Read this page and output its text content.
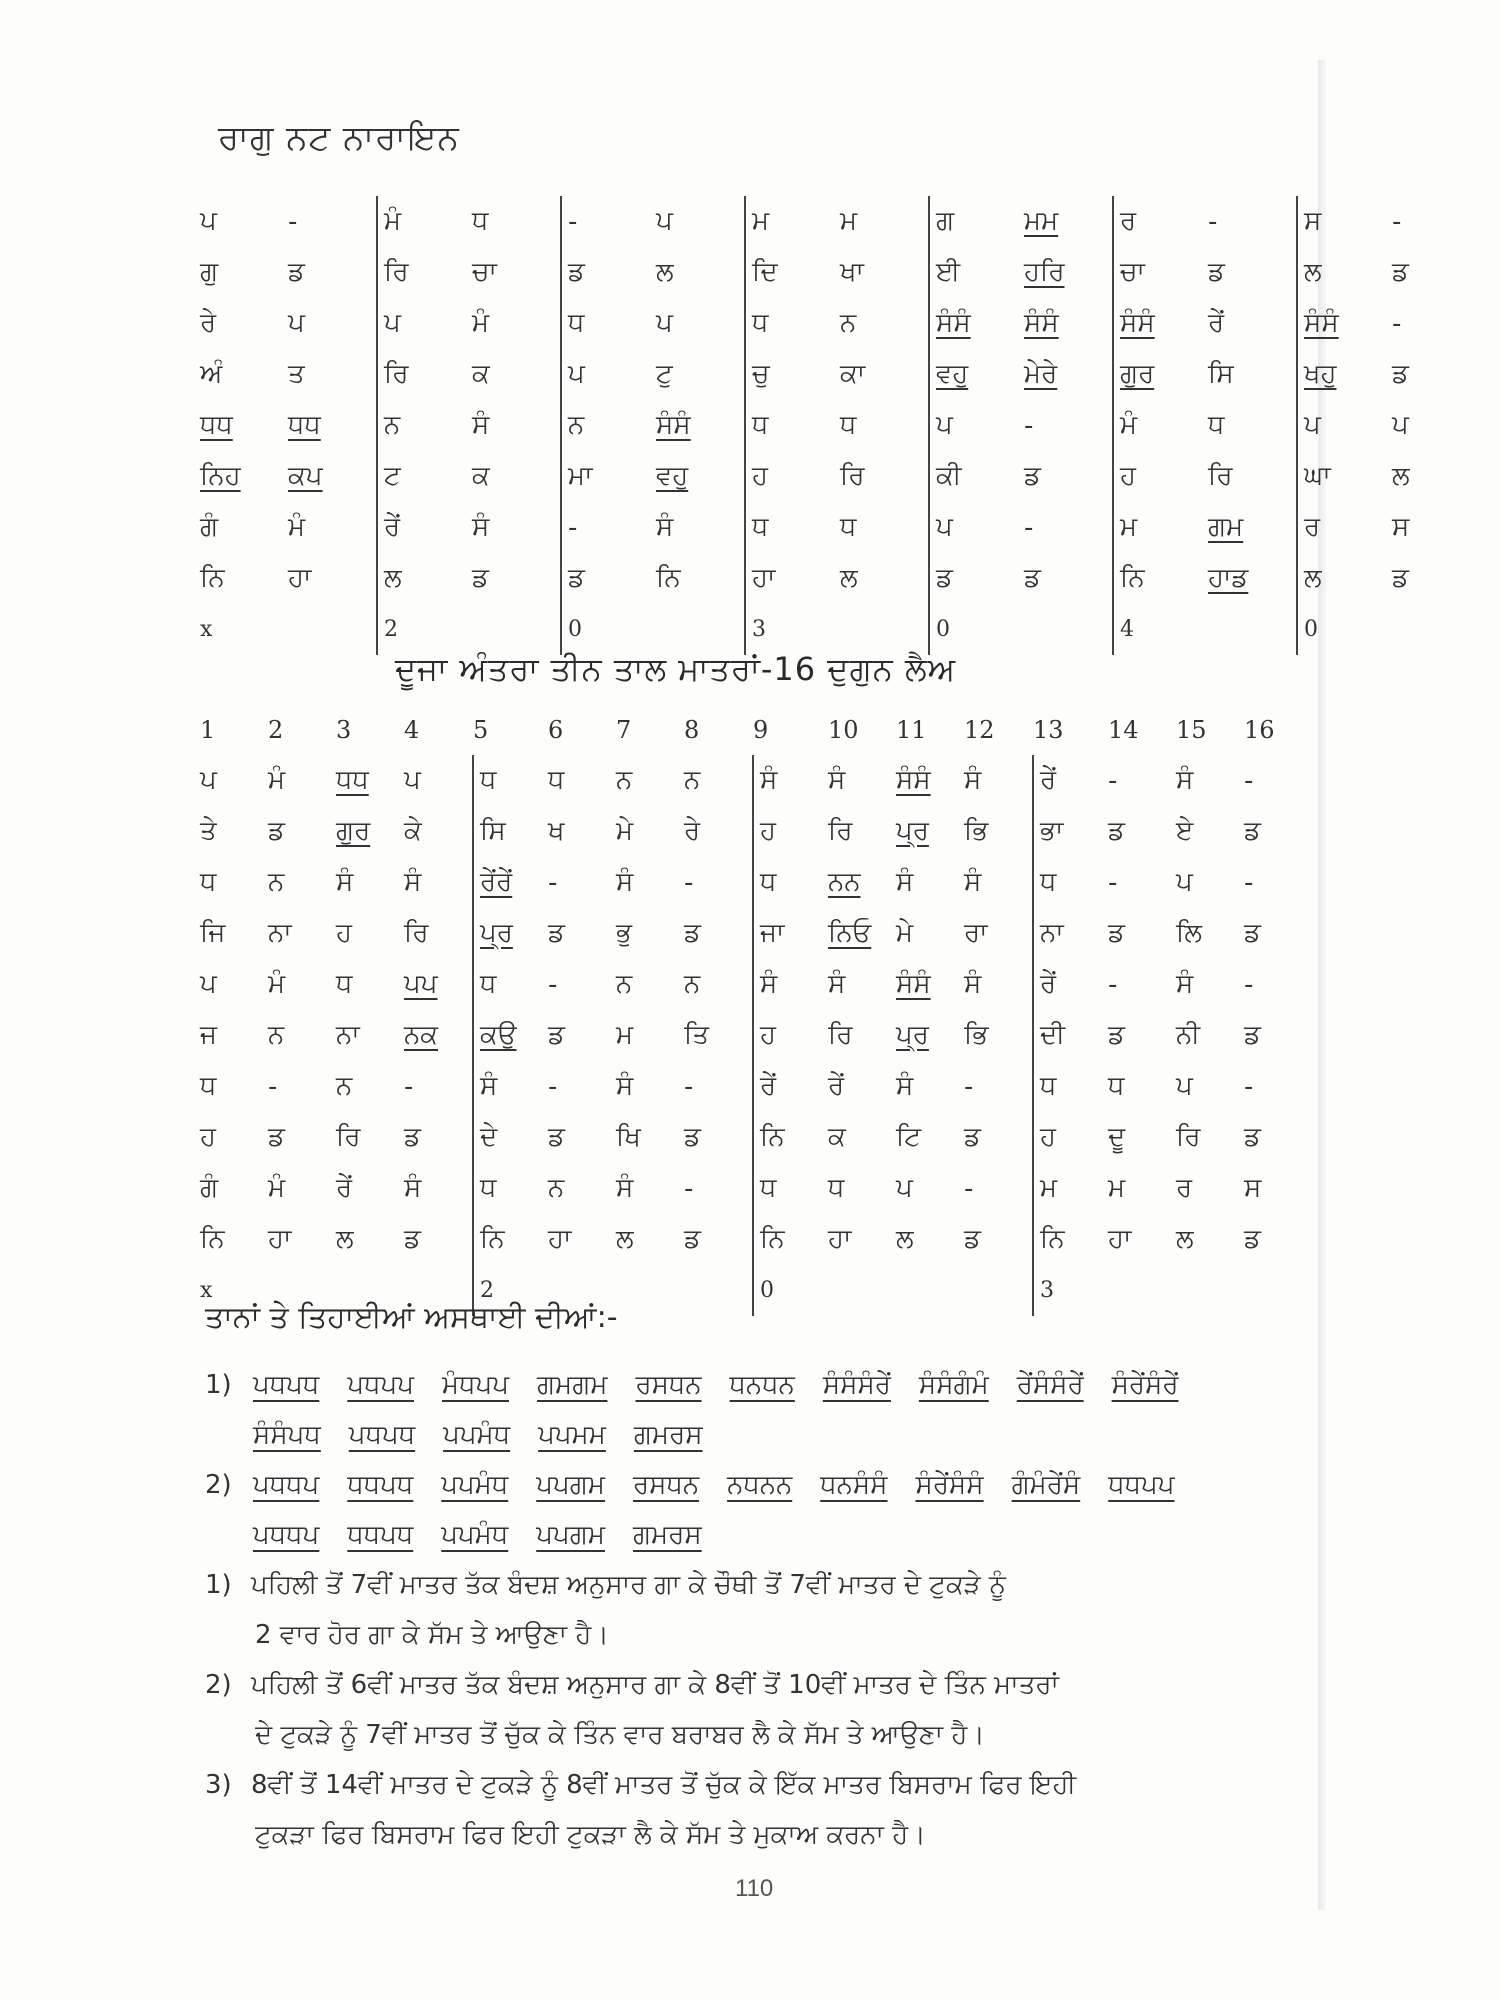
ਰਾਗੁ ਨਟ ਨਾਰਾਇਨ
ਪ	-	ਮੰ	ਧ	-	ਪ	ਮ	ਮ	ਗ	ਮਮ	ਰ	-	ਸ	-
ਗੁ	ਡ	ਰਿ	ਚਾ	ਡ	ਲ	ਦਿ	ਖਾ	ਈ	ਹਰਿ	ਚਾ	ਡ	ਲ	ਡ
ਰੇ	ਪ	ਪ	ਮੰ	ਧ	ਪ	ਧ	ਨ	ਸੰਸੰ	ਸੰਸੰ	ਸੰਸੰ	ਰੇਂ	ਸੰਸੰ	-
ਅੰ	ਤ	ਰਿ	ਕ	ਪ	ਟੁ	ਚੁ	ਕਾ	ਵਹੁ	ਮੇਰੇ	ਗੁਰ	ਸਿ	ਖਹੁ	ਡ
ਧਧ	ਧਧ	ਨ	ਸੰ	ਨ	ਸੰਸੰ	ਧ	ਧ	ਪ	-	ਮੰ	ਧ	ਪ	ਪ
ਨਿਹ	ਕਪ	ਟ	ਕ	ਮਾ	ਵਹੁ	ਹ	ਰਿ	ਕੀ	ਡ	ਹ	ਰਿ	ਘਾ	ਲ
ਗੰ	ਮੰ	ਰੇਂ	ਸੰ	-	ਸੰ	ਧ	ਧ	ਪ	-	ਮ	ਗਮ	ਰ	ਸ
ਨਿ	ਹਾ	ਲ	ਡ	ਡ	ਨਿ	ਹਾ	ਲ	ਡ	ਡ	ਨਿ	ਹਾਡ	ਲ	ਡ
x		2		0		3		0		4		0	
ਦੂਜਾ ਅੰਤਰਾ ਤੀਨ ਤਾਲ ਮਾਤਰਾਂ-16 ਦੁਗੁਨ ਲੈਅ
1	2	3	4	5	6	7	8	9	10	11	12	13	14	15	16
ਪ	ਮੰ	ਧਧ	ਪ	ਧ	ਧ	ਨ	ਨ	ਸੰ	ਸੰ	ਸੰਸੰ	ਸੰ	ਰੇਂ	-	ਸੰ	-
ਤੇ	ਡ	ਗੁਰ	ਕੇ	ਸਿ	ਖ	ਮੇ	ਰੇ	ਹ	ਰਿ	ਪ੍ਰ	ਭਿ	ਭਾ	ਡ	ਏ	ਡ
ਧ	ਨ	ਸੰ	ਸੰ	ਰੇਂਰੇਂ	-	ਸੰ	-	ਧ	ਨਨ	ਸੰ	ਸੰ	ਧ	-	ਪ	-
ਜਿ	ਨਾ	ਹ	ਰਿ	ਪ੍ਰ	ਡ	ਭੁ	ਡ	ਜਾ	ਨਿਓ	ਮੇ	ਰਾ	ਨਾ	ਡ	ਲਿ	ਡ
ਪ	ਮੰ	ਧ	ਪਪ	ਧ	-	ਨ	ਨ	ਸੰ	ਸੰ	ਸੰਸੰ	ਸੰ	ਰੇਂ	-	ਸੰ	-
ਜ	ਨ	ਨਾ	ਨਕ	ਕਉ	ਡ	ਮ	ਤਿ	ਹ	ਰਿ	ਪ੍ਰ	ਭਿ	ਦੀ	ਡ	ਨੀ	ਡ
ਧ	-	ਨ	-	ਸੰ	-	ਸੰ	-	ਰੇਂ	ਰੇਂ	ਸੰ	-	ਧ	ਧ	ਪ	-
ਹ	ਡ	ਰਿ	ਡ	ਦੇ	ਡ	ਖਿ	ਡ	ਨਿ	ਕ	ਟਿ	ਡ	ਹ	ਦੂ	ਰਿ	ਡ
ਗੰ	ਮੰ	ਰੇਂ	ਸੰ	ਧ	ਨ	ਸੰ	-	ਧ	ਧ	ਪ	-	ਮ	ਮ	ਰ	ਸ
ਨਿ	ਹਾ	ਲ	ਡ	ਨਿ	ਹਾ	ਲ	ਡ	ਨਿ	ਹਾ	ਲ	ਡ	ਨਿ	ਹਾ	ਲ	ਡ
x				2				0				3			
ਤਾਨਾਂ ਤੇ ਤਿਹਾਈਆਂ ਅਸਥਾਈ ਦੀਆਂ:-
1) ਪਧਪਧ ਪਧਪਪ ਮੰਧਪਪ ਗਮਗਮ ਰਸਧਨ ਧਨਧਨ ਸੰਸੰਸੰਰੇਂ ਸੰਸੰਗੰਮੰ ਰੇਂਸੰਸੰਰੇਂ ਸੰਰੇਂਸੰਰੇਂ
ਸੰਸੰਪਧ ਪਧਪਧ ਪਪਮੰਧ ਪਪਮਮ ਗਮਰਸ
2) ਪਧਧਪ ਧਧਪਧ ਪਪਮੰਧ ਪਪਗਮ ਰਸਧਨ ਨਧਨਨ ਧਨਸੰਸੰ ਸੰਰੇਂਸੰਸੰ ਗੰਮੰਰੇਂਸੰ ਧਧਪਪ
ਪਧਧਪ ਧਧਪਧ ਪਪਮੰਧ ਪਪਗਮ ਗਮਰਸ
1) ਪਹਿਲੀ ਤੋਂ 7ਵੀਂ ਮਾਤਰ ਤੱਕ ਬੰਦਸ਼ ਅਨੁਸਾਰ ਗਾ ਕੇ ਚੌਥੀ ਤੋਂ 7ਵੀਂ ਮਾਤਰ ਦੇ ਟੁਕੜੇ ਨੂੰ
2 ਵਾਰ ਹੋਰ ਗਾ ਕੇ ਸੱਮ ਤੇ ਆਉਣਾ ਹੈ।
2) ਪਹਿਲੀ ਤੋਂ 6ਵੀਂ ਮਾਤਰ ਤੱਕ ਬੰਦਸ਼ ਅਨੁਸਾਰ ਗਾ ਕੇ 8ਵੀਂ ਤੋਂ 10ਵੀਂ ਮਾਤਰ ਦੇ ਤਿੰਨ ਮਾਤਰਾਂ
ਦੇ ਟੁਕੜੇ ਨੂੰ 7ਵੀਂ ਮਾਤਰ ਤੋਂ ਚੁੱਕ ਕੇ ਤਿੰਨ ਵਾਰ ਬਰਾਬਰ ਲੈ ਕੇ ਸੱਮ ਤੇ ਆਉਣਾ ਹੈ।
3) 8ਵੀਂ ਤੋਂ 14ਵੀਂ ਮਾਤਰ ਦੇ ਟੁਕੜੇ ਨੂੰ 8ਵੀਂ ਮਾਤਰ ਤੋਂ ਚੁੱਕ ਕੇ ਇੱਕ ਮਾਤਰ ਬਿਸਰਾਮ ਫਿਰ ਇਹੀ
ਟੁਕੜਾ ਫਿਰ ਬਿਸਰਾਮ ਫਿਰ ਇਹੀ ਟੁਕੜਾ ਲੈ ਕੇ ਸੱਮ ਤੇ ਮੁਕਾਅ ਕਰਨਾ ਹੈ।
110
